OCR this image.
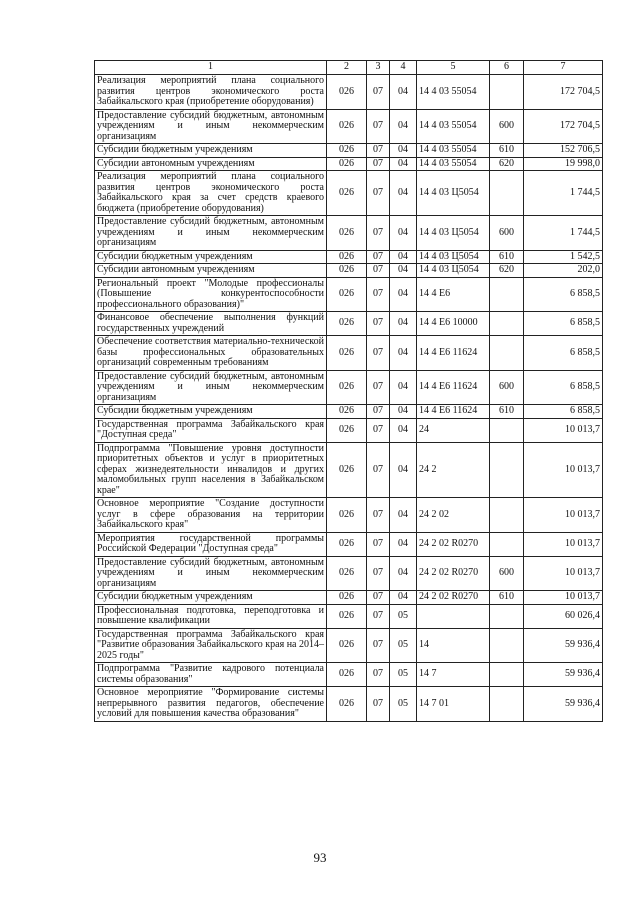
1	2	3	4	5	6	7
Реализация мероприятий плана социального развития центров экономического роста Забайкальского края (приобретение оборудования)	026	07	04	14 4 03 55054		172 704,5
Предоставление субсидий бюджетным, автономным учреждениям и иным некоммерческим организациям	026	07	04	14 4 03 55054	600	172 704,5
Субсидии бюджетным учреждениям	026	07	04	14 4 03 55054	610	152 706,5
Субсидии автономным учреждениям	026	07	04	14 4 03 55054	620	19 998,0
Реализация мероприятий плана социального развития центров экономического роста Забайкальского края за счет средств краевого бюджета (приобретение оборудования)	026	07	04	14 4 03 Ц5054		1 744,5
Предоставление субсидий бюджетным, автономным учреждениям и иным некоммерческим организациям	026	07	04	14 4 03 Ц5054	600	1 744,5
Субсидии бюджетным учреждениям	026	07	04	14 4 03 Ц5054	610	1 542,5
Субсидии автономным учреждениям	026	07	04	14 4 03 Ц5054	620	202,0
Региональный проект "Молодые профессионалы (Повышение конкурентоспособности профессионального образования)"	026	07	04	14 4 Е6		6 858,5
Финансовое обеспечение выполнения функций государственных учреждений	026	07	04	14 4 Е6 10000		6 858,5
Обеспечение соответствия материально-технической базы профессиональных образовательных организаций современным требованиям	026	07	04	14 4 Е6 11624		6 858,5
Предоставление субсидий бюджетным, автономным учреждениям и иным некоммерческим организациям	026	07	04	14 4 Е6 11624	600	6 858,5
Субсидии бюджетным учреждениям	026	07	04	14 4 Е6 11624	610	6 858,5
Государственная программа Забайкальского края "Доступная среда"	026	07	04	24		10 013,7
Подпрограмма "Повышение уровня доступности приоритетных объектов и услуг в приоритетных сферах жизнедеятельности инвалидов и других маломобильных групп населения в Забайкальском крае"	026	07	04	24 2		10 013,7
Основное мероприятие "Создание доступности услуг в сфере образования на территории Забайкальского края"	026	07	04	24 2 02		10 013,7
Мероприятия государственной программы Российской Федерации "Доступная среда"	026	07	04	24 2 02 R0270		10 013,7
Предоставление субсидий бюджетным, автономным учреждениям и иным некоммерческим организациям	026	07	04	24 2 02 R0270	600	10 013,7
Субсидии бюджетным учреждениям	026	07	04	24 2 02 R0270	610	10 013,7
Профессиональная подготовка, переподготовка и повышение квалификации	026	07	05			60 026,4
Государственная программа Забайкальского края "Развитие образования Забайкальского края на 2014–2025 годы"	026	07	05	14		59 936,4
Подпрограмма "Развитие кадрового потенциала системы образования"	026	07	05	14 7		59 936,4
Основное мероприятие "Формирование системы непрерывного развития педагогов, обеспечение условий для повышения качества образования"	026	07	05	14 7 01		59 936,4
93
